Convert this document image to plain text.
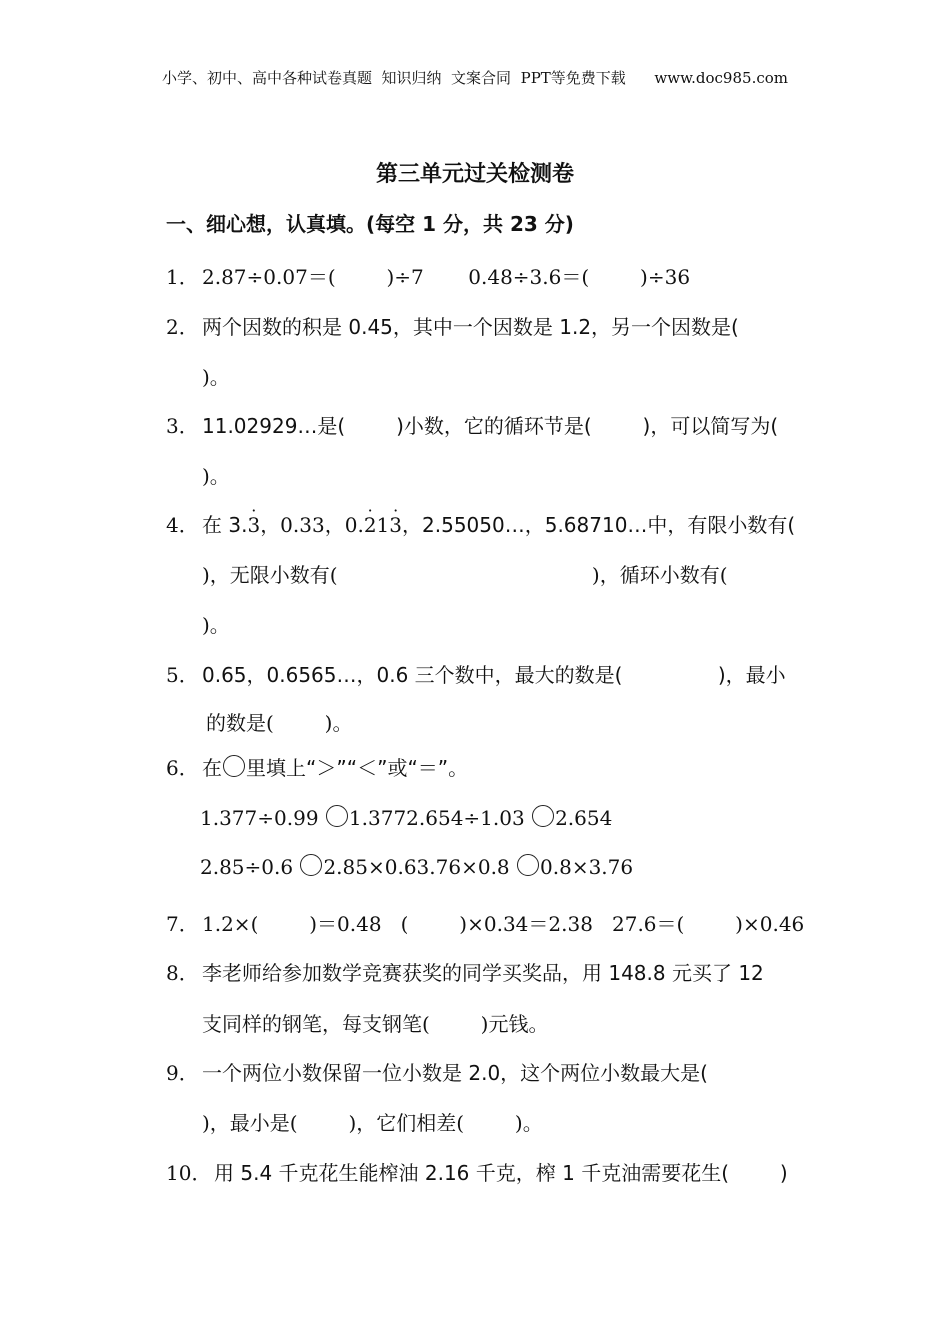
小学、初中、高中各种试卷真题  知识归纳  文案合同  PPT等免费下载      www.doc985.com
第三单元过关检测卷
一、细心想，认真填。(每空 1 分，共 23 分)
1． 2.87÷0.07＝(        )÷7       0.48÷3.6＝(        )÷36
2． 两个因数的积是 0.45，其中一个因数是 1.2，另一个因数是(
)。
3． 11.02929…是(        )小数，它的循环节是(        )，可以简写为(
)。
4． 在 3.3 ·，0.33，0.2 ·13 ·，2.55050…，5.68710…中，有限小数有(
)，无限小数有(                                        )，循环小数有(
)。
5． 0.65，0.6565…，0.6 三个数中，最大的数是(               )，最小
的数是(        )。
6． 在 里填上“＞”“＜”或“＝”。
1.377÷0.99 1.3772.654÷1.03 2.654
2.85÷0.6 2.85×0.63.76×0.8 0.8×3.76
7． 1.2×(        )＝0.48   (        )×0.34＝2.38   27.6＝(        )×0.46
8． 李老师给参加数学竞赛获奖的同学买奖品，用 148.8 元买了 12
支同样的钢笔，每支钢笔(        )元钱。
9． 一个两位小数保留一位小数是 2.0，这个两位小数最大是(
)，最小是(        )，它们相差(        )。
10． 用 5.4 千克花生能榨油 2.16 千克，榨 1 千克油需要花生(        )
